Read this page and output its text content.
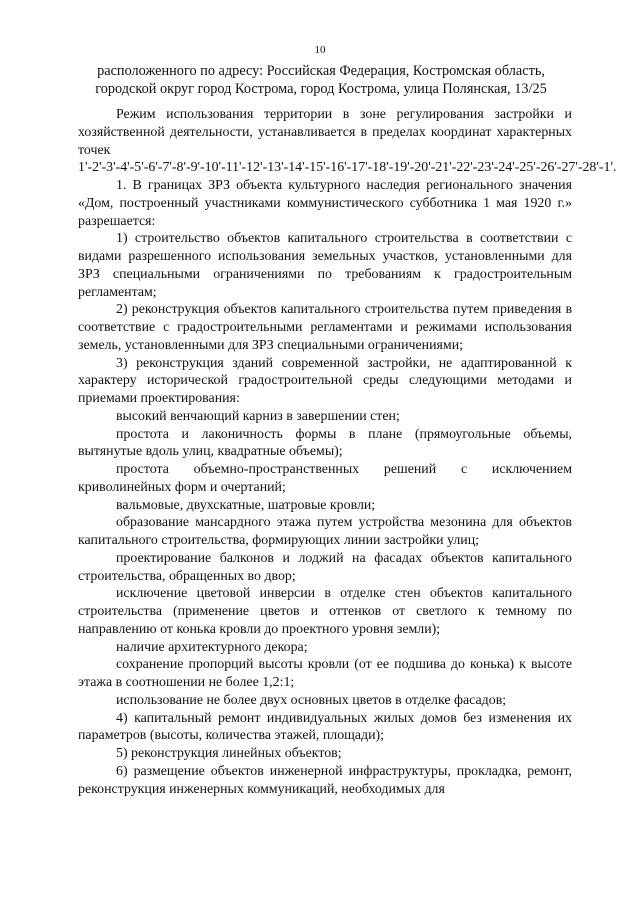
10
расположенного по адресу: Российская Федерация, Костромская область, городской округ город Кострома, город Кострома, улица Полянская, 13/25

Режим использования территории в зоне регулирования застройки и хозяйственной деятельности, устанавливается в пределах координат характерных точек 1'-2'-3'-4'-5'-6'-7'-8'-9'-10'-11'-12'-13'-14'-15'-16'-17'-18'-19'-20'-21'-22'-23'-24'-25'-26'-27'-28'-1'.

1. В границах ЗРЗ объекта культурного наследия регионального значения «Дом, построенный участниками коммунистического субботника 1 мая 1920 г.» разрешается:

1) строительство объектов капитального строительства в соответствии с видами разрешенного использования земельных участков, установленными для ЗРЗ специальными ограничениями по требованиям к градостроительным регламентам;

2) реконструкция объектов капитального строительства путем приведения в соответствие с градостроительными регламентами и режимами использования земель, установленными для ЗРЗ специальными ограничениями;

3) реконструкция зданий современной застройки, не адаптированной к характеру исторической градостроительной среды следующими методами и приемами проектирования:

высокий венчающий карниз в завершении стен;

простота и лаконичность формы в плане (прямоугольные объемы, вытянутые вдоль улиц, квадратные объемы);

простота объемно-пространственных решений с исключением криволинейных форм и очертаний;

вальмовые, двухскатные, шатровые кровли;

образование мансардного этажа путем устройства мезонина для объектов капитального строительства, формирующих линии застройки улиц;

проектирование балконов и лоджий на фасадах объектов капитального строительства, обращенных во двор;

исключение цветовой инверсии в отделке стен объектов капитального строительства (применение цветов и оттенков от светлого к темному по направлению от конька кровли до проектного уровня земли);

наличие архитектурного декора;

сохранение пропорций высоты кровли (от ее подшива до конька) к высоте этажа в соотношении не более 1,2:1;

использование не более двух основных цветов в отделке фасадов;

4) капитальный ремонт индивидуальных жилых домов без изменения их параметров (высоты, количества этажей, площади);

5) реконструкция линейных объектов;

6) размещение объектов инженерной инфраструктуры, прокладка, ремонт, реконструкция инженерных коммуникаций, необходимых для
